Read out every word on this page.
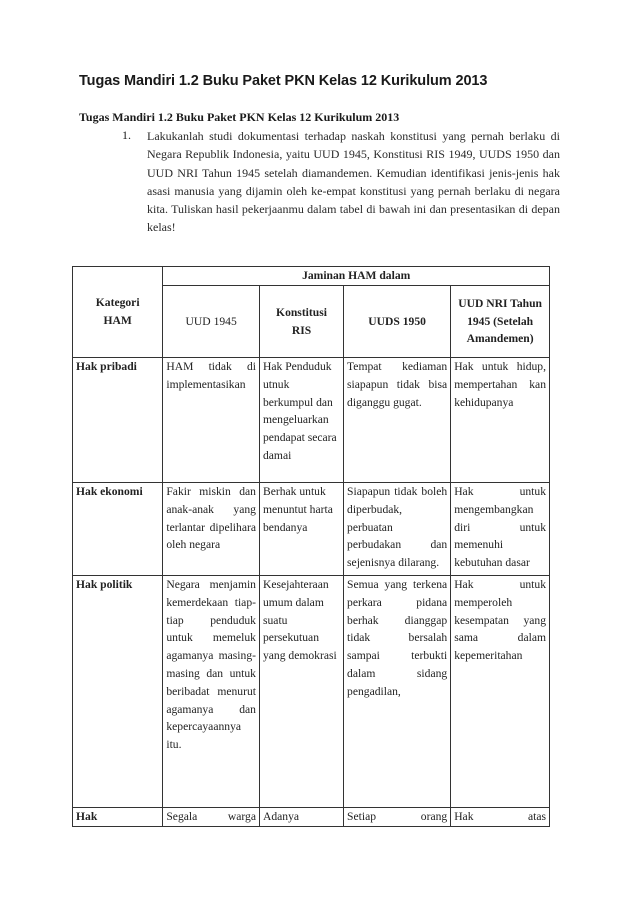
Tugas Mandiri 1.2 Buku Paket PKN Kelas 12 Kurikulum 2013
Tugas Mandiri 1.2 Buku Paket PKN Kelas 12 Kurikulum 2013
1. Lakukanlah studi dokumentasi terhadap naskah konstitusi yang pernah berlaku di Negara Republik Indonesia, yaitu UUD 1945, Konstitusi RIS 1949, UUDS 1950 dan UUD NRI Tahun 1945 setelah diamandemen. Kemudian identifikasi jenis-jenis hak asasi manusia yang dijamin oleh ke-empat konstitusi yang pernah berlaku di negara kita. Tuliskan hasil pekerjaanmu dalam tabel di bawah ini dan presentasikan di depan kelas!
Kategori HAM	Jaminan HAM dalam			
	UUD 1945	Konstitusi RIS	UUDS 1950	UUD NRI Tahun 1945 (Setelah Amandemen)
Hak pribadi	HAM tidak di implementasikan	Hak Penduduk utnuk berkumpul dan mengeluarkan pendapat secara damai	Tempat kediaman siapapun tidak bisa diganggu gugat.	Hak untuk hidup, mempertahan kan kehidupanya
Hak ekonomi	Fakir miskin dan anak-anak yang terlantar dipelihara oleh negara	Berhak untuk menuntut harta bendanya	Siapapun tidak boleh diperbudak, perbuatan perbudakan dan sejenisnya dilarang.	Hak untuk mengembangkan diri untuk memenuhi kebutuhan dasar
Hak politik	Negara menjamin kemerdekaan tiap-tiap penduduk untuk memeluk agamanya masing-masing dan untuk beribadat menurut agamanya dan kepercayaannya itu.	Kesejahteraan umum dalam suatu persekutuan yang demokrasi	Semua yang terkena perkara pidana berhak dianggap tidak bersalah sampai terbukti dalam sidang pengadilan,	Hak untuk memperoleh kesempatan yang sama dalam kepemeritahan
Hak	Segala warga	Adanya	Setiap orang	Hak atas
